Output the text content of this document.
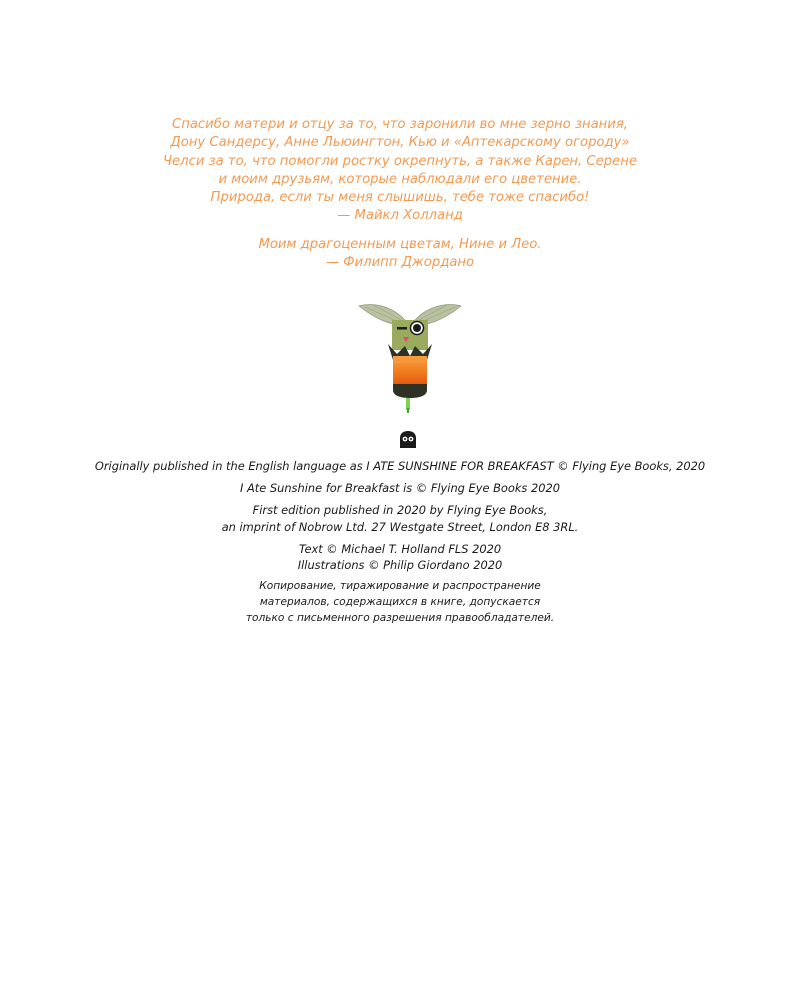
Спасибо матери и отцу за то, что заронили во мне зерно знания,
Дону Сандерсу, Анне Льюингтон, Кью и «Аптекарскому огороду»
Челси за то, что помогли ростку окрепнуть, а также Карен, Серене
и моим друзьям, которые наблюдали его цветение.
Природа, если ты меня слышишь, тебе тоже спасибо!
— Майкл Холланд
Моим драгоценным цветам, Нине и Лео.
— Филипп Джордано
Originally published in the English language as I ATE SUNSHINE FOR BREAKFAST © Flying Eye Books, 2020
I Ate Sunshine for Breakfast is © Flying Eye Books 2020
First edition published in 2020 by Flying Eye Books,
an imprint of Nobrow Ltd. 27 Westgate Street, London E8 3RL.
Text © Michael T. Holland FLS 2020
Illustrations © Philip Giordano 2020
Копирование, тиражирование и распространение
материалов, содержащихся в книге, допускается
только с письменного разрешения правообладателей.
